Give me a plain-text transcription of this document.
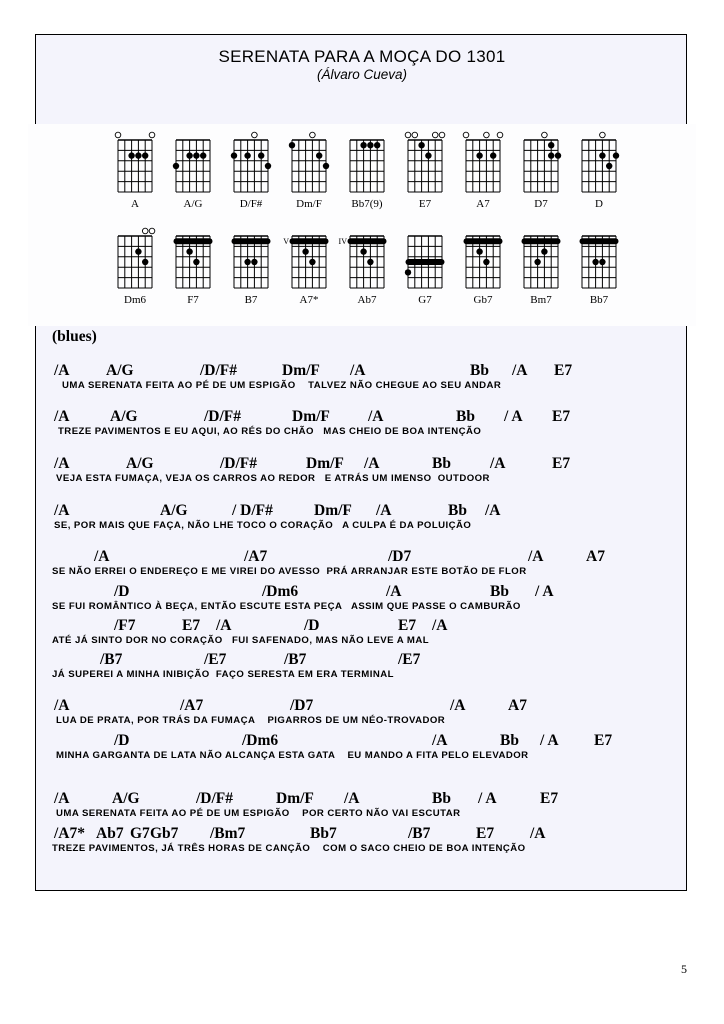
SERENATA PARA A MOÇA DO 1301
(Álvaro Cueva)
A	A/G	D/F#	Dm/F	Bb7(9)	E7	A7	D7	D
Dm6	F7	B7
V
A7*
IV
Ab7	G7	Gb7	Bm7	Bb7
(blues)
/A A/G	/D/F#	Dm/F /A	Bb /A E7
UMA SERENATA FEITA AO PÉ DE UM ESPIGÃO    TALVEZ NÃO CHEGUE AO SEU ANDAR
/A	A/G	/D/F#	Dm/F /A	Bb / A E7
TREZE PAVIMENTOS E EU AQUI, AO RÉS DO CHÃO   MAS CHEIO DE BOA INTENÇÃO
/A	A/G	/D/F#	Dm/F /A	Bb	/A	E7
VEJA ESTA FUMAÇA, VEJA OS CARROS AO REDOR   E ATRÁS UM IMENSO  OUTDOOR
/A	A/G	/ D/F#	Dm/F /A	Bb /A
SE, POR MAIS QUE FAÇA, NÃO LHE TOCO O CORAÇÃO   A CULPA É DA POLUIÇÃO
/A	/A7	/D7	/A	A7
SE NÃO ERREI O ENDEREÇO E ME VIREI DO AVESSO  PRÁ ARRANJAR ESTE BOTÃO DE FLOR
/D	/Dm6	/A	Bb / A
SE FUI ROMÂNTICO À BEÇA, ENTÃO ESCUTE ESTA PEÇA   ASSIM QUE PASSE O CAMBURÃO
/F7	E7 /A	/D	E7 /A
ATÉ JÁ SINTO DOR NO CORAÇÃO   FUI SAFENADO, MAS NÃO LEVE A MAL
/B7	/E7	/B7	/E7
JÁ SUPEREI A MINHA INIBIÇÃO  FAÇO SERESTA EM ERA TERMINAL
/A	/A7	/D7	/A	A7
LUA DE PRATA, POR TRÁS DA FUMAÇA    PIGARROS DE UM NÉO-TROVADOR
/D	/Dm6	/A	Bb / A E7
MINHA GARGANTA DE LATA NÃO ALCANÇA ESTA GATA    EU MANDO A FITA PELO ELEVADOR
/A	A/G	/D/F#	Dm/F /A	Bb / A	E7
UMA SERENATA FEITA AO PÉ DE UM ESPIGÃO    POR CERTO NÃO VAI ESCUTAR
/A7* Ab7 G7 Gb7 /Bm7	Bb7	/B7	E7 /A
TREZE PAVIMENTOS, JÁ TRÊS HORAS DE CANÇÃO    COM O SACO CHEIO DE BOA INTENÇÃO
5
